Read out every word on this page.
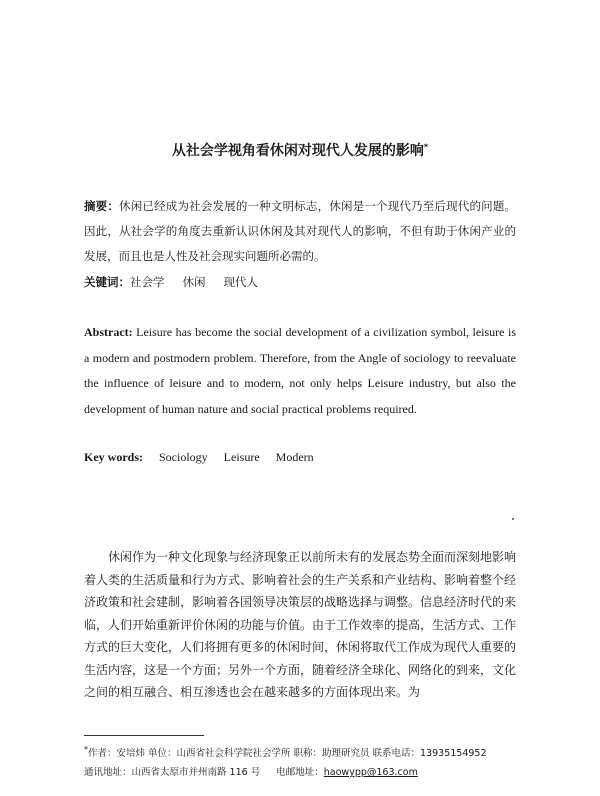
从社会学视角看休闲对现代人发展的影响*
摘要：休闲已经成为社会发展的一种文明标志，休闲是一个现代乃至后现代的问题。因此，从社会学的角度去重新认识休闲及其对现代人的影响，不但有助于休闲产业的发展，而且也是人性及社会现实问题所必需的。
关键词：社会学 休闲 现代人
Abstract: Leisure has become the social development of a civilization symbol, leisure is a modern and postmodern problem. Therefore, from the Angle of sociology to reevaluate the influence of leisure and to modern, not only helps Leisure industry, but also the development of human nature and social practical problems required.
Key words: Sociology Leisure Modern
休闲作为一种文化现象与经济现象正以前所未有的发展态势全面而深刻地影响着人类的生活质量和行为方式、影响着社会的生产关系和产业结构、影响着整个经济政策和社会建制，影响着各国领导决策层的战略选择与调整。信息经济时代的来临，人们开始重新评价休闲的功能与价值。由于工作效率的提高，生活方式、工作方式的巨大变化，人们将拥有更多的休闲时间，休闲将取代工作成为现代人重要的生活内容，这是一个方面；另外一个方面，随着经济全球化、网络化的到来，文化之间的相互融合、相互渗透也会在越来越多的方面体现出来。为
*作者：安培炜 单位：山西省社会科学院社会学所 职称：助理研究员 联系电话：13935154952
通讯地址：山西省太原市并州南路 116 号 电邮地址：haowypp@163.com
